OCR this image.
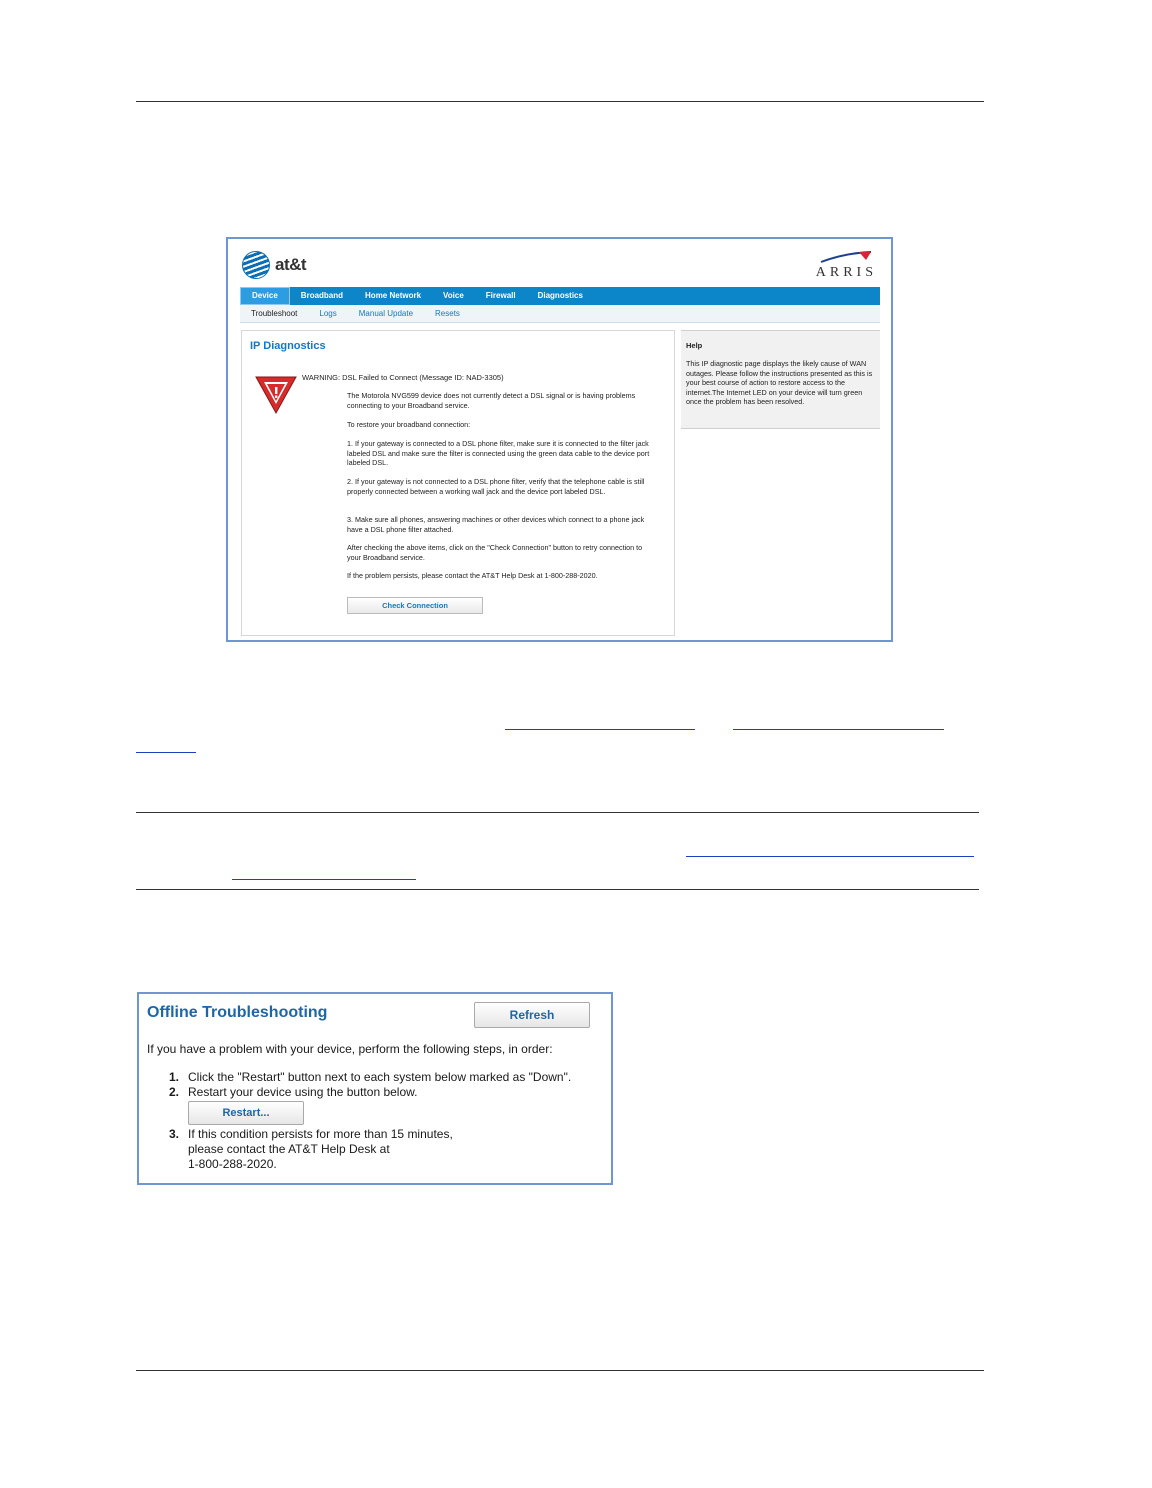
at&t	ARRIS
Device	Broadband	Home Network	Voice	Firewall	Diagnostics
Troubleshoot	Logs	Manual Update	Resets
IP Diagnostics
WARNING: DSL Failed to Connect (Message ID: NAD-3305)
The Motorola NVG599 device does not currently detect a DSL signal or is having problems connecting to your Broadband service.
To restore your broadband connection:
1. If your gateway is connected to a DSL phone filter, make sure it is connected to the filter jack labeled DSL and make sure the filter is connected using the green data cable to the device port labeled DSL.
2. If your gateway is not connected to a DSL phone filter, verify that the telephone cable is still properly connected between a working wall jack and the device port labeled DSL.
3. Make sure all phones, answering machines or other devices which connect to a phone jack have a DSL phone filter attached.
After checking the above items, click on the "Check Connection" button to retry connection to your Broadband service.
If the problem persists, please contact the AT&T Help Desk at 1-800-288-2020.
Check Connection
Help
This IP diagnostic page displays the likely cause of WAN outages. Please follow the instructions presented as this is your best course of action to restore access to the internet.The Internet LED on your device will turn green once the problem has been resolved.
Offline Troubleshooting	Refresh
If you have a problem with your device, perform the following steps, in order:
1. Click the "Restart" button next to each system below marked as "Down".
2. Restart your device using the button below.
Restart...
3. If this condition persists for more than 15 minutes,
please contact the AT&T Help Desk at
1-800-288-2020.
